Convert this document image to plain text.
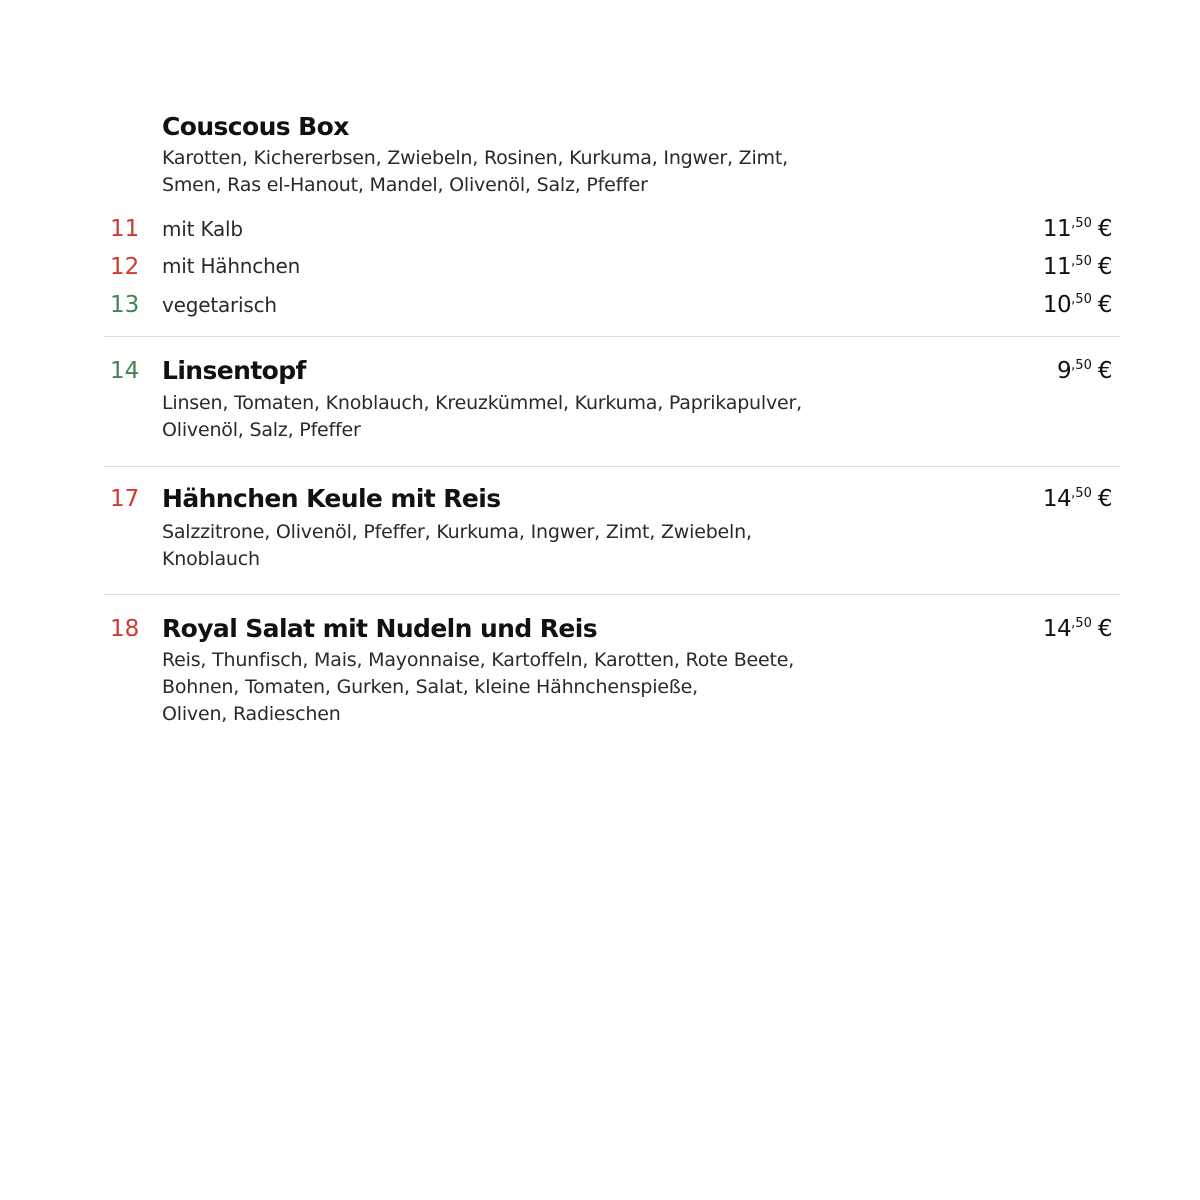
Couscous Box
Karotten, Kichererbsen, Zwiebeln, Rosinen, Kurkuma, Ingwer, Zimt,
Smen, Ras el-Hanout, Mandel, Olivenöl, Salz, Pfeffer
11 mit Kalb	$11^{,50}$ €
12 mit Hähnchen	$11^{,50}$ €
13 vegetarisch	$10^{,50}$ €
14 Linsentopf	$9^{,50}$ €
Linsen, Tomaten, Knoblauch, Kreuzkümmel, Kurkuma, Paprikapulver,
Olivenöl, Salz, Pfeffer
17 Hähnchen Keule mit Reis	$14^{,50}$ €
Salzzitrone, Olivenöl, Pfeffer, Kurkuma, Ingwer, Zimt, Zwiebeln,
Knoblauch
18 Royal Salat mit Nudeln und Reis	$14^{,50}$ €
Reis, Thunfisch, Mais, Mayonnaise, Kartoffeln, Karotten, Rote Beete,
Bohnen, Tomaten, Gurken, Salat, kleine Hähnchenspieße,
Oliven, Radieschen
